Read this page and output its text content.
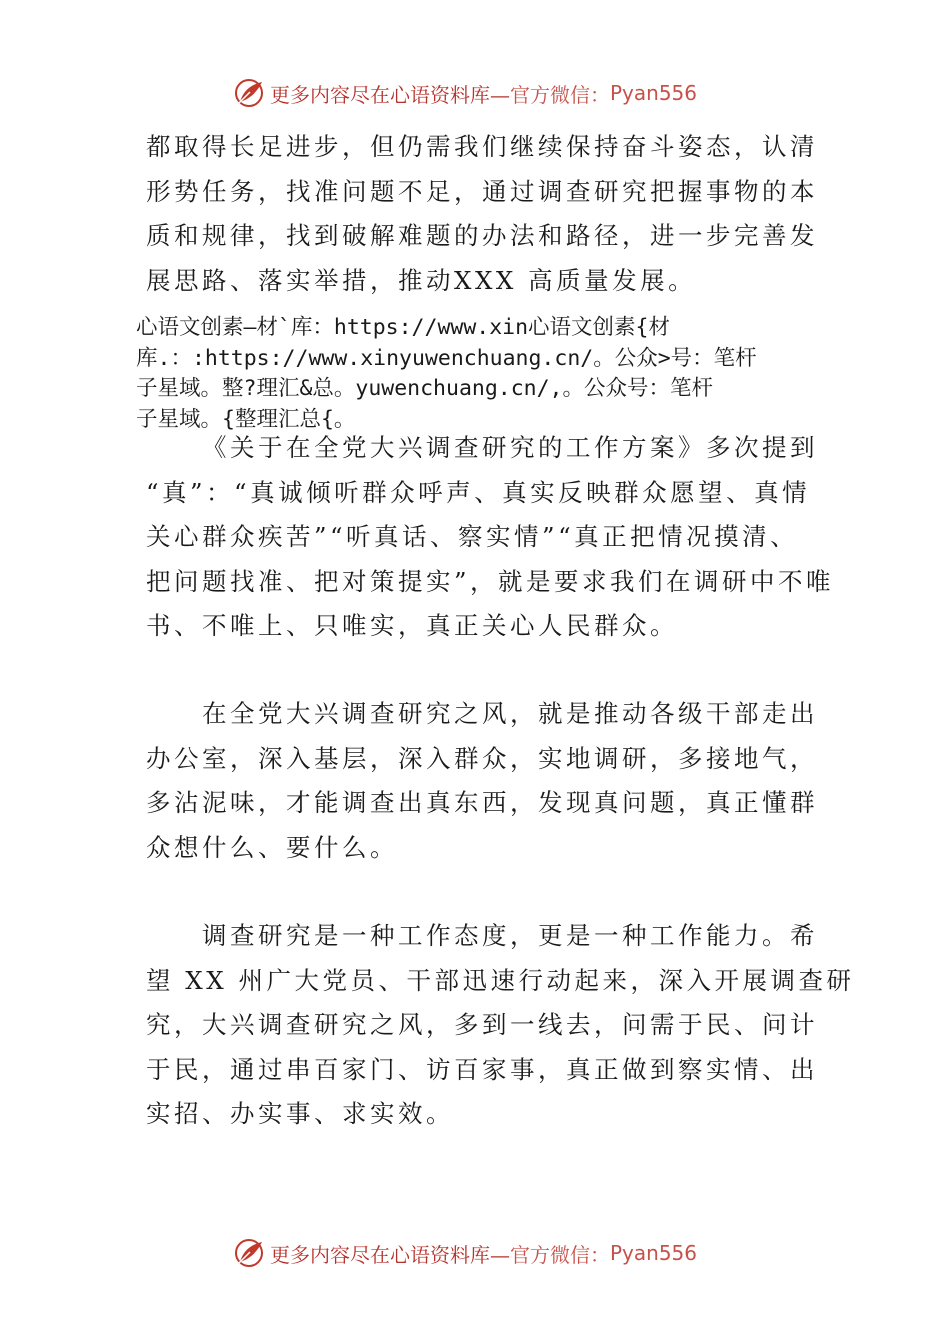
更多内容尽在心语资料库— 官方微信： Pyan556
都取得长足进步，但仍需我们继续保持奋斗姿态，认清
形势任务，找准问题不足，通过调查研究把握事物的本
质和规律，找到破解难题的办法和路径，进一步完善发
展思路、落实举措，推动XXX 高质量发展。
心语文创素—材`库：https://www.xin心语文创素{材
库.：:https://www.xinyuwenchuang.cn/。公众>号：笔杆
子星域。整?理汇&总。yuwenchuang.cn/,。公众号：笔杆
子星域。{整理汇总{。
《关于在全党大兴调查研究的工作方案》多次提到
“真”：“真诚倾听群众呼声、真实反映群众愿望、真情
关心群众疾苦”“听真话、察实情”“真正把情况摸清、
把问题找准、把对策提实”，就是要求我们在调研中不唯
书、不唯上、只唯实，真正关心人民群众。
在全党大兴调查研究之风，就是推动各级干部走出
办公室，深入基层，深入群众，实地调研，多接地气，
多沾泥味，才能调查出真东西，发现真问题，真正懂群
众想什么、要什么。
调查研究是一种工作态度，更是一种工作能力。希
望 XX 州广大党员、干部迅速行动起来，深入开展调查研
究，大兴调查研究之风，多到一线去，问需于民、问计
于民，通过串百家门、访百家事，真正做到察实情、出
实招、办实事、求实效。
更多内容尽在心语资料库— 官方微信： Pyan556
